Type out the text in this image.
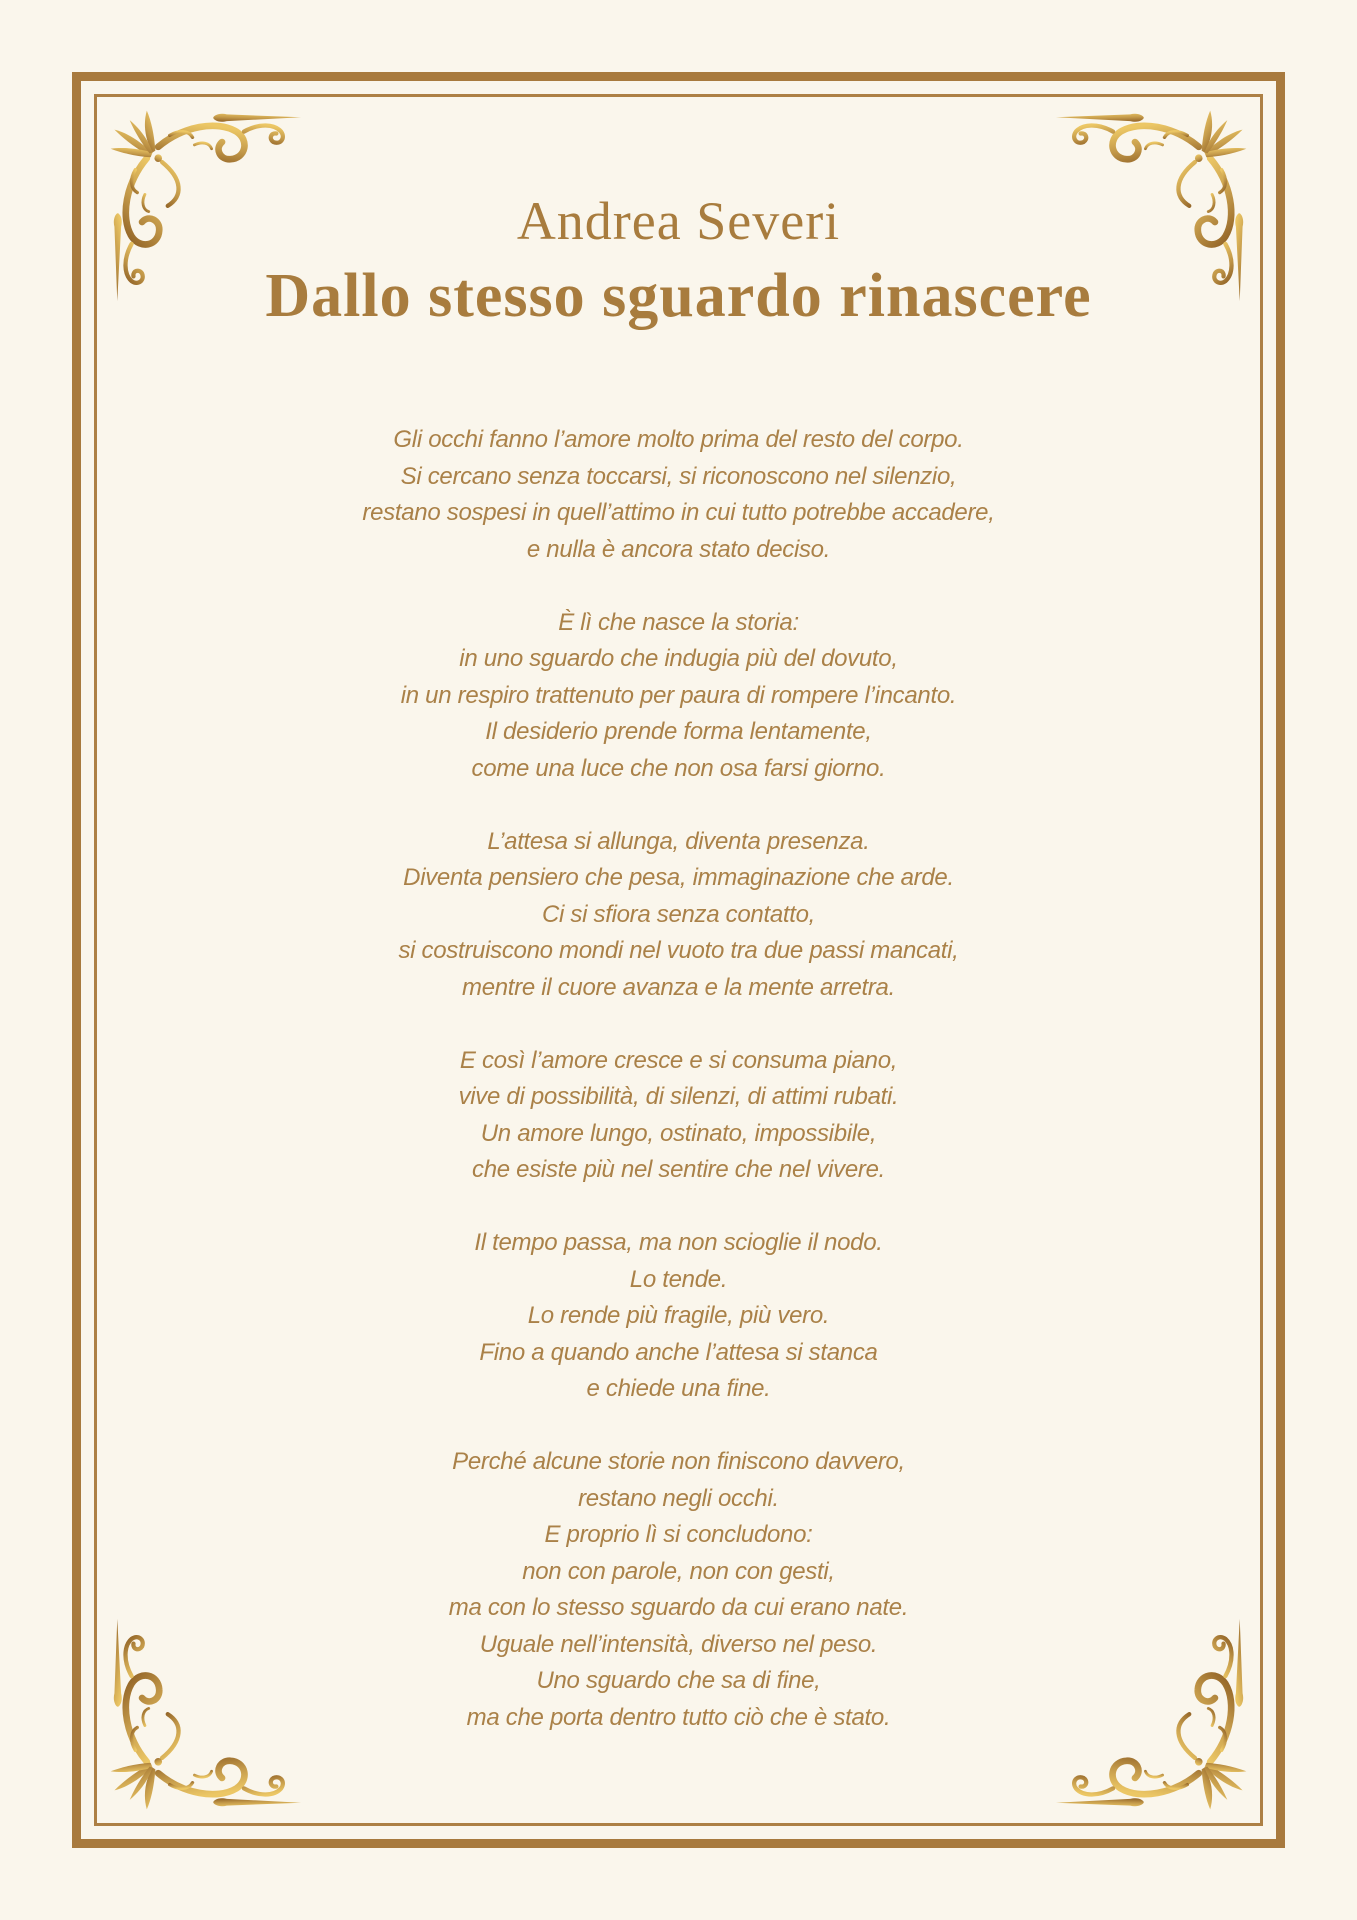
Andrea Severi
Dallo stesso sguardo rinascere

Gli occhi fanno l’amore molto prima del resto del corpo.
Si cercano senza toccarsi, si riconoscono nel silenzio,
restano sospesi in quell’attimo in cui tutto potrebbe accadere,
e nulla è ancora stato deciso.

È lì che nasce la storia:
in uno sguardo che indugia più del dovuto,
in un respiro trattenuto per paura di rompere l’incanto.
Il desiderio prende forma lentamente,
come una luce che non osa farsi giorno.

L’attesa si allunga, diventa presenza.
Diventa pensiero che pesa, immaginazione che arde.
Ci si sfiora senza contatto,
si costruiscono mondi nel vuoto tra due passi mancati,
mentre il cuore avanza e la mente arretra.

E così l’amore cresce e si consuma piano,
vive di possibilità, di silenzi, di attimi rubati.
Un amore lungo, ostinato, impossibile,
che esiste più nel sentire che nel vivere.

Il tempo passa, ma non scioglie il nodo.
Lo tende.
Lo rende più fragile, più vero.
Fino a quando anche l’attesa si stanca
e chiede una fine.

Perché alcune storie non finiscono davvero,
restano negli occhi.
E proprio lì si concludono:
non con parole, non con gesti,
ma con lo stesso sguardo da cui erano nate.
Uguale nell’intensità, diverso nel peso.
Uno sguardo che sa di fine,
ma che porta dentro tutto ciò che è stato.
